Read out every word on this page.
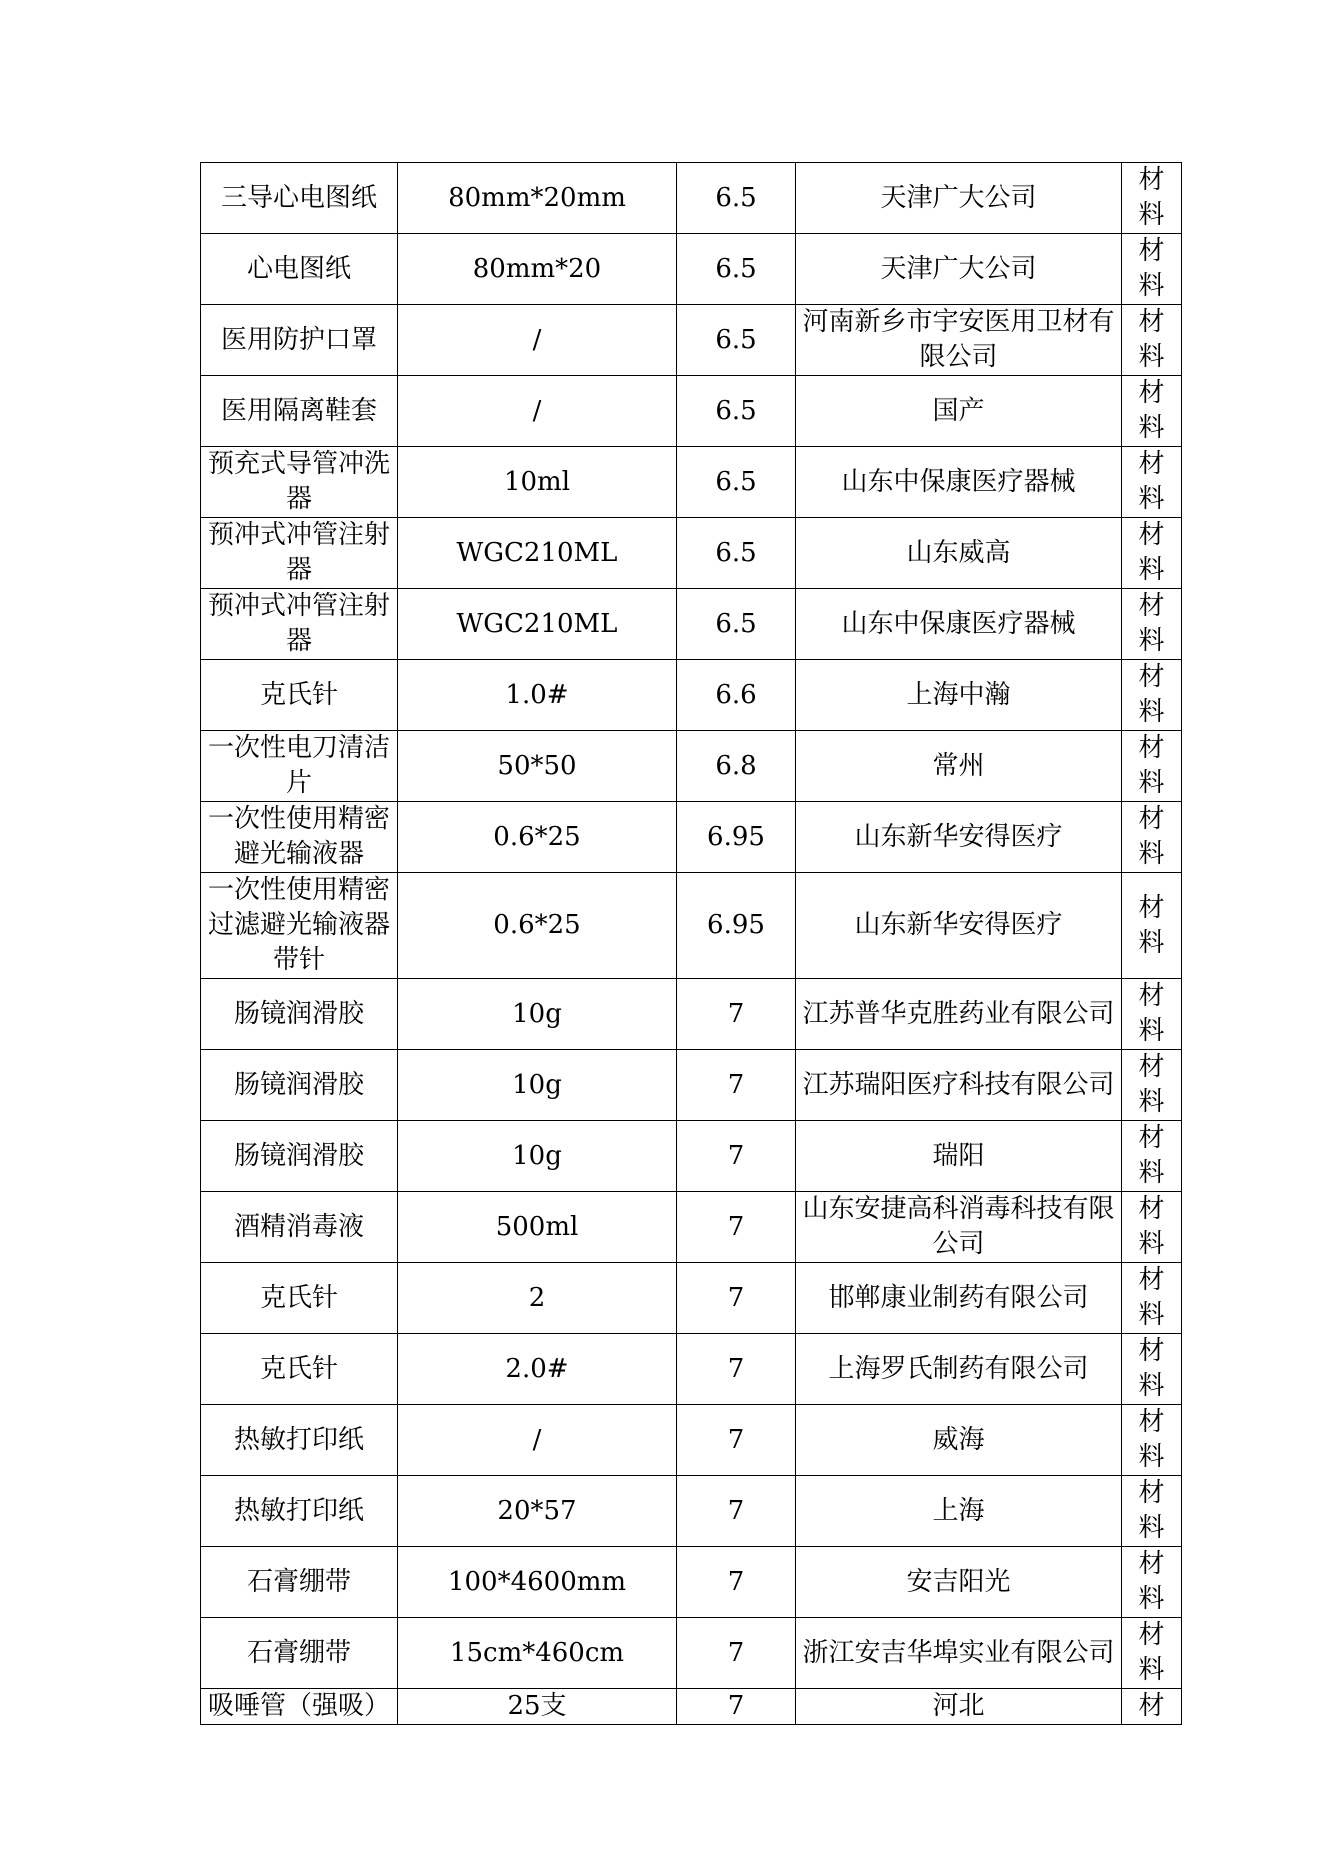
三导心电图纸	80mm*20mm	6.5	天津广大公司	材料
心电图纸	80mm*20	6.5	天津广大公司	材料
医用防护口罩	/	6.5	河南新乡市宇安医用卫材有限公司	材料
医用隔离鞋套	/	6.5	国产	材料
预充式导管冲洗器	10ml	6.5	山东中保康医疗器械	材料
预冲式冲管注射器	WGC210ML	6.5	山东威高	材料
预冲式冲管注射器	WGC210ML	6.5	山东中保康医疗器械	材料
克氏针	1.0#	6.6	上海中瀚	材料
一次性电刀清洁片	50*50	6.8	常州	材料
一次性使用精密避光输液器	0.6*25	6.95	山东新华安得医疗	材料
一次性使用精密过滤避光输液器 带针	0.6*25	6.95	山东新华安得医疗	材料
肠镜润滑胶	10g	7	江苏普华克胜药业有限公司	材料
肠镜润滑胶	10g	7	江苏瑞阳医疗科技有限公司	材料
肠镜润滑胶	10g	7	瑞阳	材料
酒精消毒液	500ml	7	山东安捷高科消毒科技有限公司	材料
克氏针	2	7	邯郸康业制药有限公司	材料
克氏针	2.0#	7	上海罗氏制药有限公司	材料
热敏打印纸	/	7	威海	材料
热敏打印纸	20*57	7	上海	材料
石膏绷带	100*4600mm	7	安吉阳光	材料
石膏绷带	15cm*460cm	7	浙江安吉华埠实业有限公司	材料
吸唾管（强吸）	25支	7	河北	材
